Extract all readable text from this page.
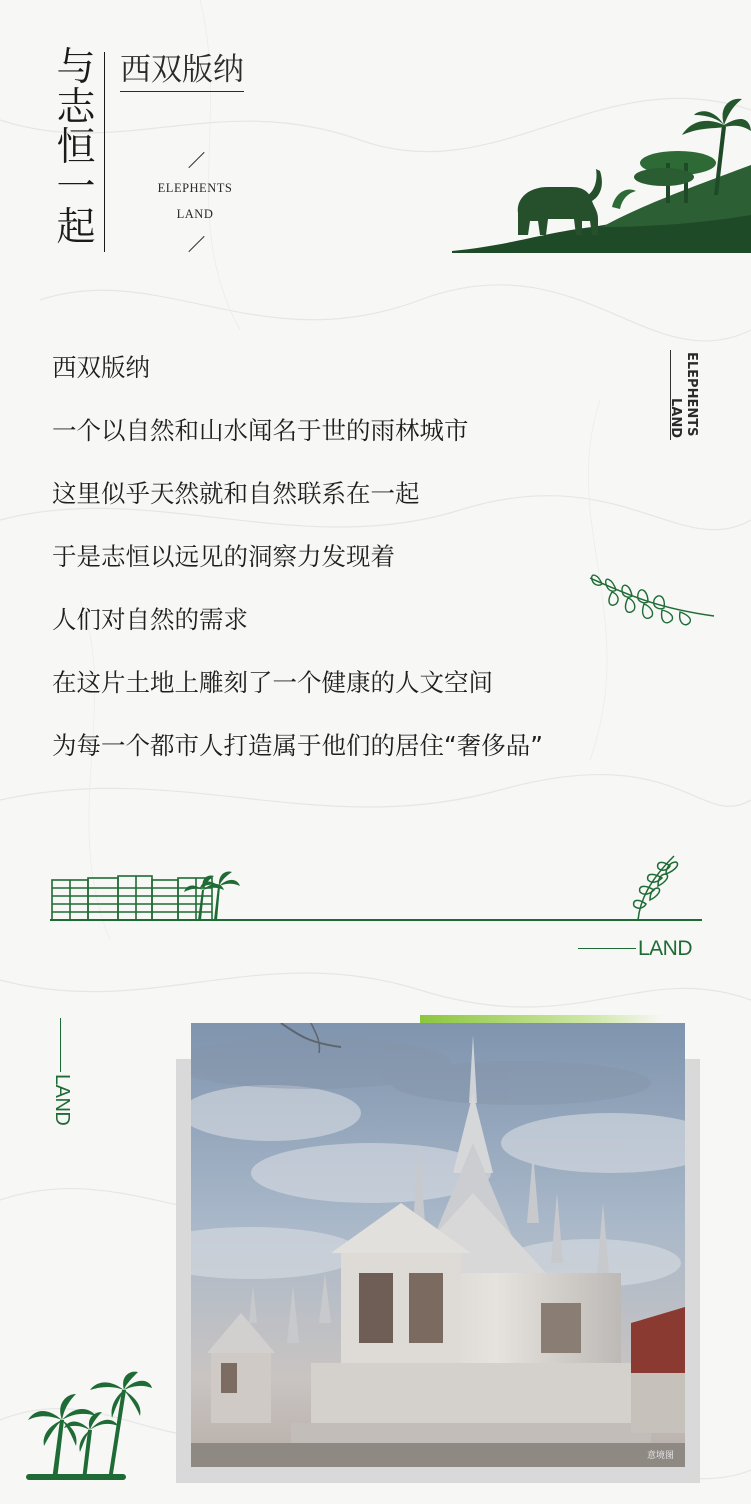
与
志
恒
一
起
西双版纳
ELEPHENTS
LAND
ELEPHENTS
LAND
西双版纳
一个以自然和山水闻名于世的雨林城市
这里似乎天然就和自然联系在一起
于是志恒以远见的洞察力发现着
人们对自然的需求
在这片土地上雕刻了一个健康的人文空间
为每一个都市人打造属于他们的居住“奢侈品”
LAND
LAND
意境图
